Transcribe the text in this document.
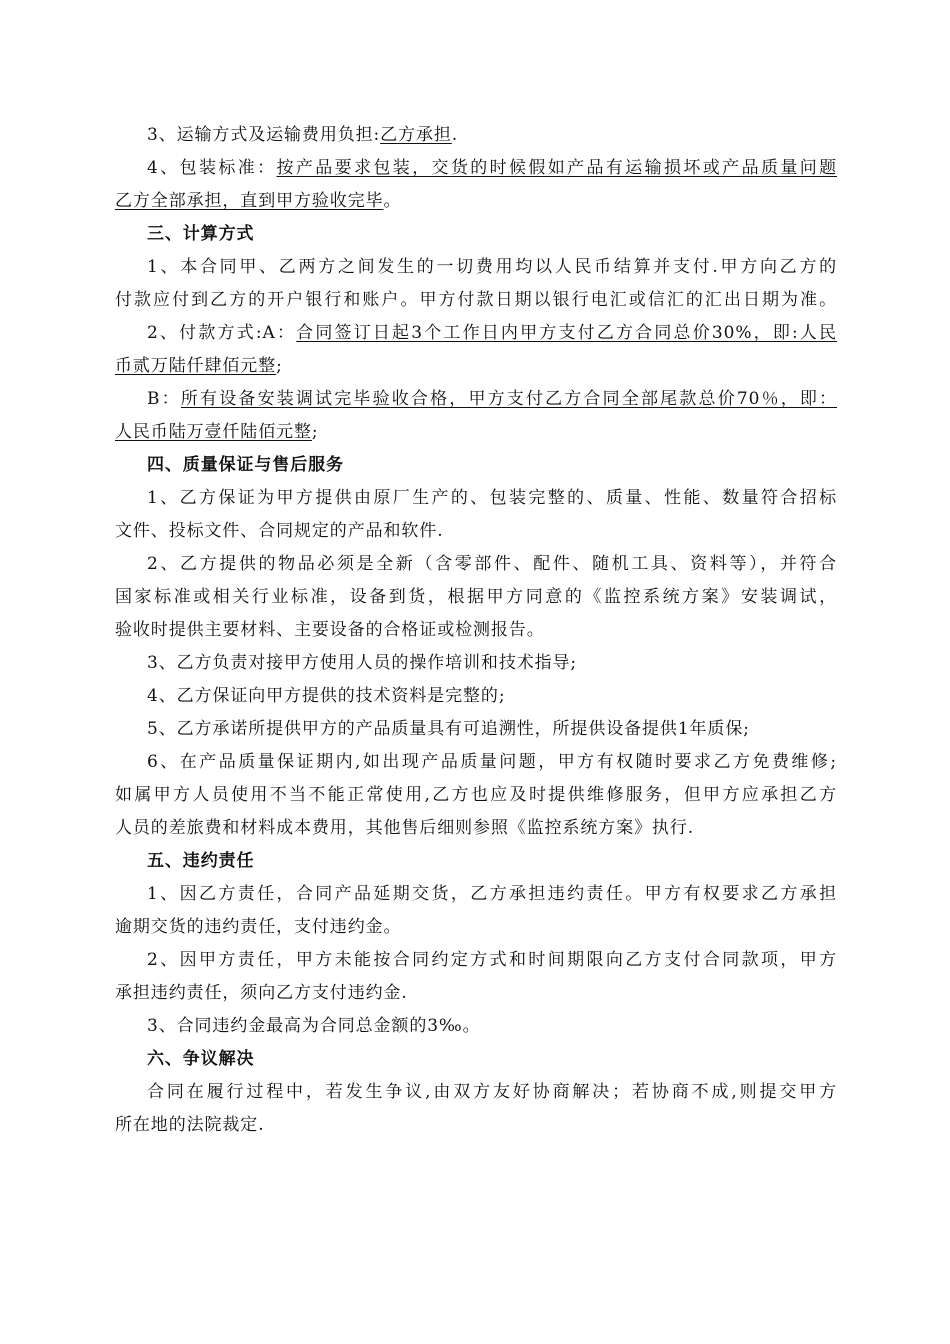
3、运输方式及运输费用负担:乙方承担.
4、包装标准：按产品要求包装，交货的时候假如产品有运输损坏或产品质量问题
乙方全部承担，直到甲方验收完毕。
三、计算方式
1、本合同甲、乙两方之间发生的一切费用均以人民币结算并支付.甲方向乙方的
付款应付到乙方的开户银行和账户。甲方付款日期以银行电汇或信汇的汇出日期为准。
2、付款方式:A：合同签订日起3个工作日内甲方支付乙方合同总价30%，即:人民
币贰万陆仟肆佰元整;
B：所有设备安装调试完毕验收合格，甲方支付乙方合同全部尾款总价70％，即：
人民币陆万壹仟陆佰元整;
四、质量保证与售后服务
1、乙方保证为甲方提供由原厂生产的、包装完整的、质量、性能、数量符合招标
文件、投标文件、合同规定的产品和软件.
2、乙方提供的物品必须是全新（含零部件、配件、随机工具、资料等），并符合
国家标准或相关行业标准，设备到货，根据甲方同意的《监控系统方案》安装调试，
验收时提供主要材料、主要设备的合格证或检测报告。
3、乙方负责对接甲方使用人员的操作培训和技术指导;
4、乙方保证向甲方提供的技术资料是完整的;
5、乙方承诺所提供甲方的产品质量具有可追溯性，所提供设备提供1年质保;
6、在产品质量保证期内,如出现产品质量问题，甲方有权随时要求乙方免费维修;
如属甲方人员使用不当不能正常使用,乙方也应及时提供维修服务，但甲方应承担乙方
人员的差旅费和材料成本费用，其他售后细则参照《监控系统方案》执行.
五、违约责任
1、因乙方责任，合同产品延期交货，乙方承担违约责任。甲方有权要求乙方承担
逾期交货的违约责任，支付违约金。
2、因甲方责任，甲方未能按合同约定方式和时间期限向乙方支付合同款项，甲方
承担违约责任，须向乙方支付违约金.
3、合同违约金最高为合同总金额的3‰。
六、争议解决
合同在履行过程中，若发生争议,由双方友好协商解决；若协商不成,则提交甲方
所在地的法院裁定.
